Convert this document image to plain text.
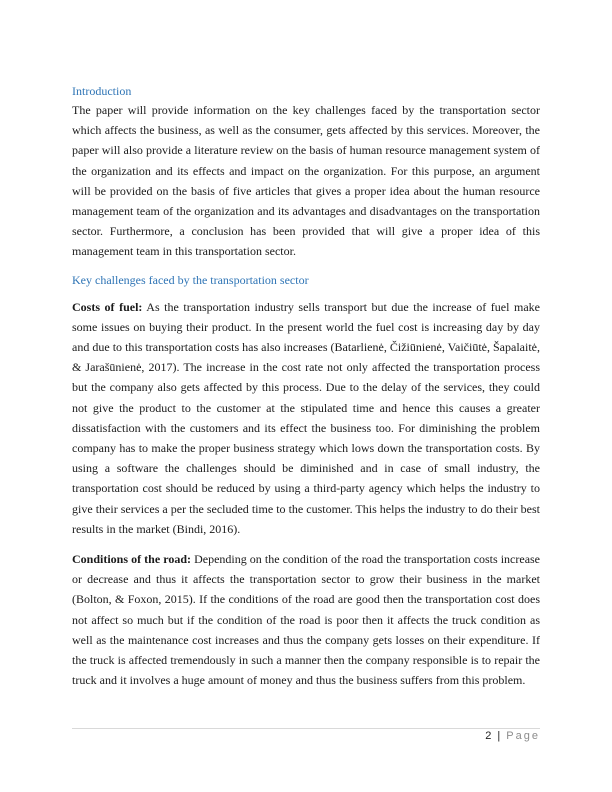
Introduction

The paper will provide information on the key challenges faced by the transportation sector which affects the business, as well as the consumer, gets affected by this services. Moreover, the paper will also provide a literature review on the basis of human resource management system of the organization and its effects and impact on the organization. For this purpose, an argument will be provided on the basis of five articles that gives a proper idea about the human resource management team of the organization and its advantages and disadvantages on the transportation sector. Furthermore, a conclusion has been provided that will give a proper idea of this management team in this transportation sector.

Key challenges faced by the transportation sector

Costs of fuel: As the transportation industry sells transport but due the increase of fuel make some issues on buying their product. In the present world the fuel cost is increasing day by day and due to this transportation costs has also increases (Batarlienė, Čižiūnienė, Vaičiūtė, Šapalaitė, & Jarašūnienė, 2017). The increase in the cost rate not only affected the transportation process but the company also gets affected by this process. Due to the delay of the services, they could not give the product to the customer at the stipulated time and hence this causes a greater dissatisfaction with the customers and its effect the business too. For diminishing the problem company has to make the proper business strategy which lows down the transportation costs. By using a software the challenges should be diminished and in case of small industry, the transportation cost should be reduced by using a third-party agency which helps the industry to give their services a per the secluded time to the customer. This helps the industry to do their best results in the market (Bindi, 2016).

Conditions of the road: Depending on the condition of the road the transportation costs increase or decrease and thus it affects the transportation sector to grow their business in the market (Bolton, & Foxon, 2015). If the conditions of the road are good then the transportation cost does not affect so much but if the condition of the road is poor then it affects the truck condition as well as the maintenance cost increases and thus the company gets losses on their expenditure. If the truck is affected tremendously in such a manner then the company responsible is to repair the truck and it involves a huge amount of money and thus the business suffers from this problem.

2 | Page
